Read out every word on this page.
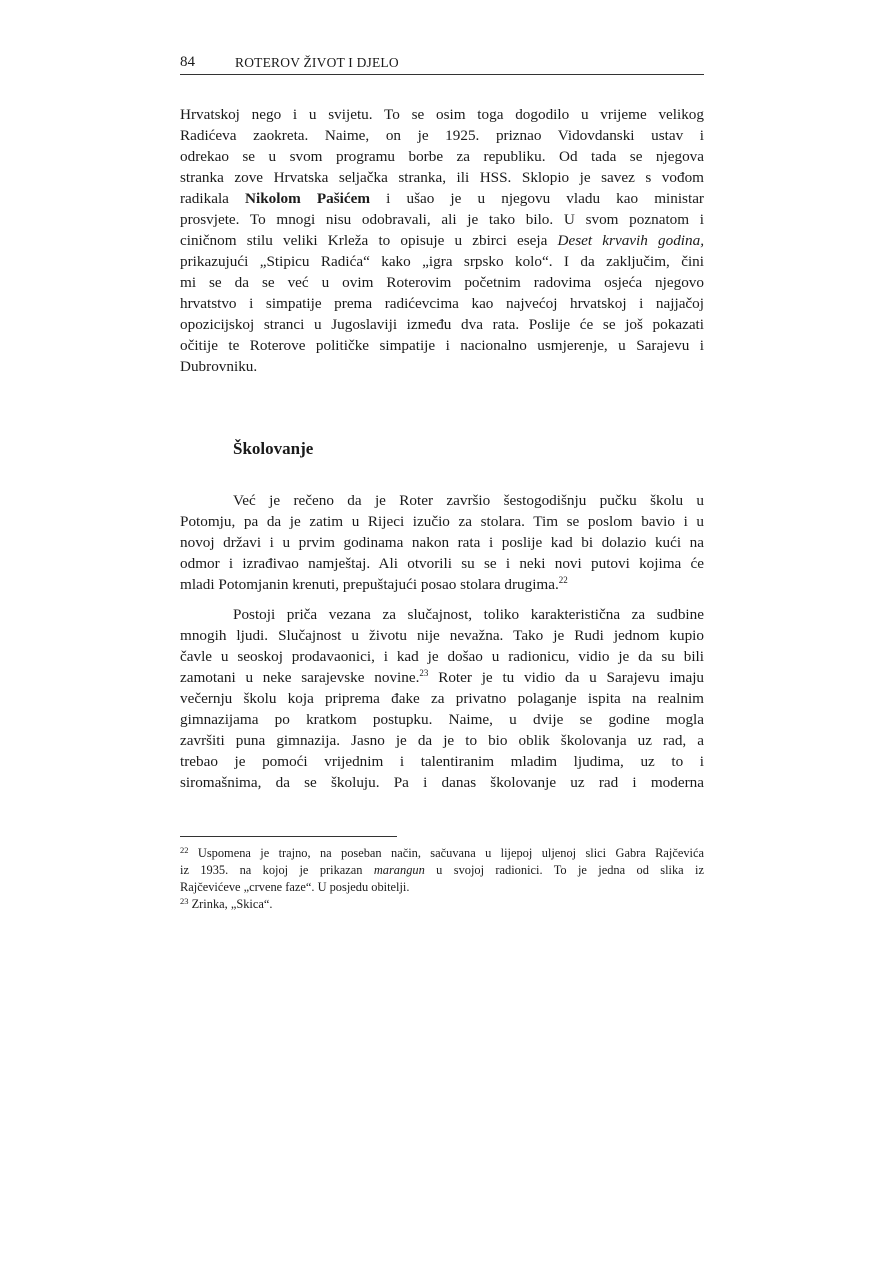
84	ROTEROV ŽIVOT I DJELO
Hrvatskoj nego i u svijetu. To se osim toga dogodilo u vrijeme velikog
Radićeva zaokreta. Naime, on je 1925. priznao Vidovdanski ustav i
odrekao se u svom programu borbe za republiku. Od tada se njegova
stranka zove Hrvatska seljačka stranka, ili HSS. Sklopio je savez s vođom
radikala Nikolom Pašićem i ušao je u njegovu vladu kao ministar
prosvjete. To mnogi nisu odobravali, ali je tako bilo. U svom poznatom i
ciničnom stilu veliki Krleža to opisuje u zbirci eseja Deset krvavih godina,
prikazujući „Stipicu Radića“ kako „igra srpsko kolo“. I da zaključim, čini
mi se da se već u ovim Roterovim početnim radovima osjeća njegovo
hrvatstvo i simpatije prema radićevcima kao najvećoj hrvatskoj i najjačoj
opozicijskoj stranci u Jugoslaviji između dva rata. Poslije će se još pokazati
očitije te Roterove političke simpatije i nacionalno usmjerenje, u Sarajevu i
Dubrovniku.
Školovanje
Već je rečeno da je Roter završio šestogodišnju pučku školu u
Potomju, pa da je zatim u Rijeci izučio za stolara. Tim se poslom bavio i u
novoj državi i u prvim godinama nakon rata i poslije kad bi dolazio kući na
odmor i izrađivao namještaj. Ali otvorili su se i neki novi putovi kojima će
mladi Potomjanin krenuti, prepuštajući posao stolara drugima.$^{22}$
Postoji priča vezana za slučajnost, toliko karakteristična za sudbine
mnogih ljudi. Slučajnost u životu nije nevažna. Tako je Rudi jednom kupio
čavle u seoskoj prodavaonici, i kad je došao u radionicu, vidio je da su bili
zamotani u neke sarajevske novine.$^{23}$ Roter je tu vidio da u Sarajevu imaju
večernju školu koja priprema đake za privatno polaganje ispita na realnim
gimnazijama po kratkom postupku. Naime, u dvije se godine mogla
završiti puna gimnazija. Jasno je da je to bio oblik školovanja uz rad, a
trebao je pomoći vrijednim i talentiranim mladim ljudima, uz to i
siromašnima, da se školuju. Pa i danas školovanje uz rad i moderna
$^{22}$ Uspomena je trajno, na poseban način, sačuvana u lijepoj uljenoj slici Gabra Rajčevića
iz 1935. na kojoj je prikazan marangun u svojoj radionici. To je jedna od slika iz
Rajčevićeve „crvene faze“. U posjedu obitelji.
$^{23}$ Zrinka, „Skica“.
